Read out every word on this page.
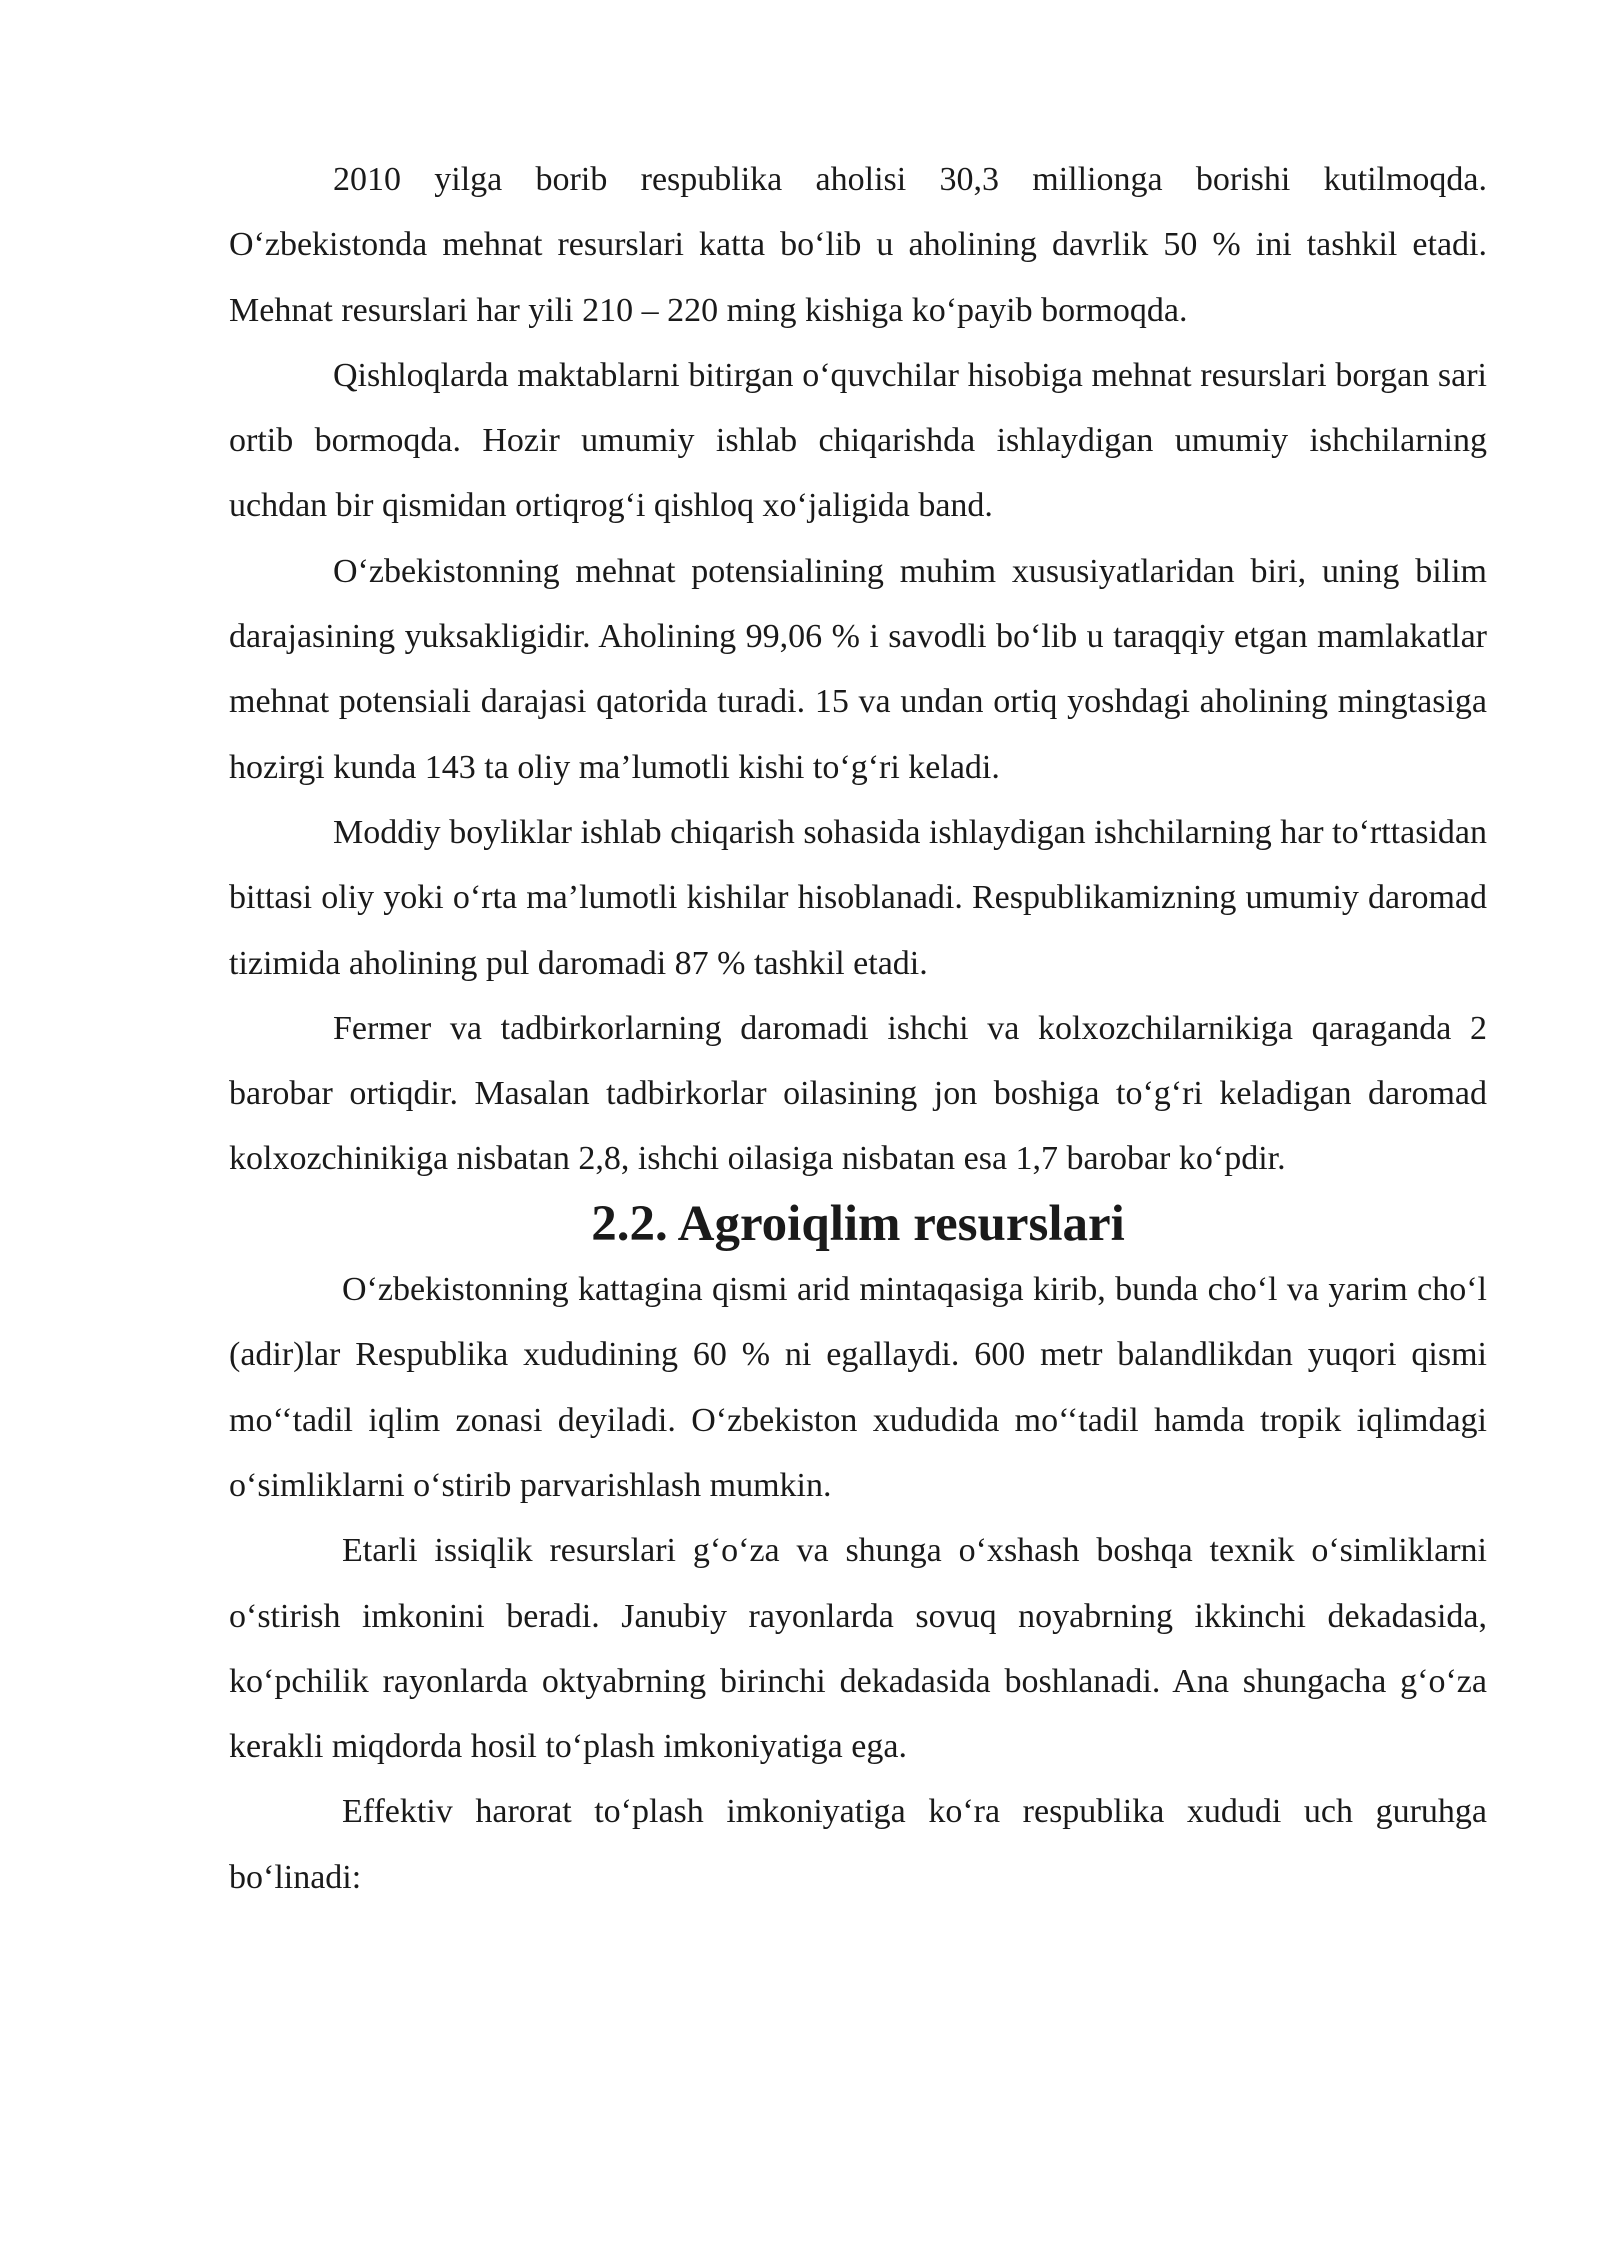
2010 yilga borib respublika aholisi 30,3 millionga borishi kutilmoqda. O‘zbekistonda mehnat resurslari katta bo‘lib u aholining davrlik 50 % ini tashkil etadi. Mehnat resurslari har yili 210 – 220 ming kishiga ko‘payib bormoqda.

Qishloqlarda maktablarni bitirgan o‘quvchilar hisobiga mehnat resurslari borgan sari ortib bormoqda. Hozir umumiy ishlab chiqarishda ishlaydigan umumiy ishchilarning uchdan bir qismidan ortiqrog‘i qishloq xo‘jaligida band.

O‘zbekistonning mehnat potensialining muhim xususiyatlaridan biri, uning bilim darajasining yuksakligidir. Aholining 99,06 % i savodli bo‘lib u taraqqiy etgan mamlakatlar mehnat potensiali darajasi qatorida turadi. 15 va undan ortiq yoshdagi aholining mingtasiga hozirgi kunda 143 ta oliy ma’lumotli kishi to‘g‘ri keladi.

Moddiy boyliklar ishlab chiqarish sohasida ishlaydigan ishchilarning har to‘rttasidan bittasi oliy yoki o‘rta ma’lumotli kishilar hisoblanadi. Respublikamizning umumiy daromad tizimida aholining pul daromadi 87 % tashkil etadi.

Fermer va tadbirkorlarning daromadi ishchi va kolxozchilarnikiga qaraganda 2 barobar ortiqdir. Masalan tadbirkorlar oilasining jon boshiga to‘g‘ri keladigan daromad kolxozchinikiga nisbatan 2,8, ishchi oilasiga nisbatan esa 1,7 barobar ko‘pdir.

2.2. Agroiqlim resurslari

O‘zbekistonning kattagina qismi arid mintaqasiga kirib, bunda cho‘l va yarim cho‘l (adir)lar Respublika xududining 60 % ni egallaydi. 600 metr balandlikdan yuqori qismi mo‘‘tadil iqlim zonasi deyiladi. O‘zbekiston xududida mo‘‘tadil hamda tropik iqlimdagi o‘simliklarni o‘stirib parvarishlash mumkin.

Etarli issiqlik resurslari g‘o‘za va shunga o‘xshash boshqa texnik o‘simliklarni o‘stirish imkonini beradi. Janubiy rayonlarda sovuq noyabrning ikkinchi dekadasida, ko‘pchilik rayonlarda oktyabrning birinchi dekadasida boshlanadi. Ana shungacha g‘o‘za kerakli miqdorda hosil to‘plash imkoniyatiga ega.

Effektiv harorat to‘plash imkoniyatiga ko‘ra respublika xududi uch guruhga bo‘linadi:
